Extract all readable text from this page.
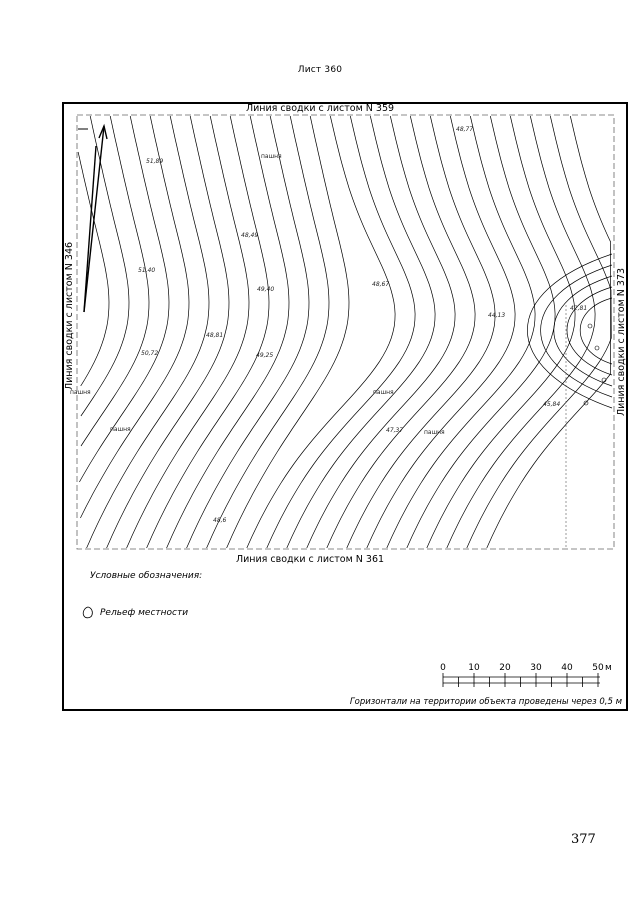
Лист 360
Линия сводки с листом N 359
Линия сводки с листом N 361
Линия сводки с листом N 346	Линия сводки с листом N 373
48,77
51,89
48,49
51,40
49,40
48,67
44,13
42,81
48,81
49,25
50,72
45,84
47,37
48,6
пашня
пашня
пашня
пашня
пашня
0 10 20 30 40 50 м
Условные обозначения:
Рельеф местности
Горизонтали на территории объекта проведены через 0,5 м
377
